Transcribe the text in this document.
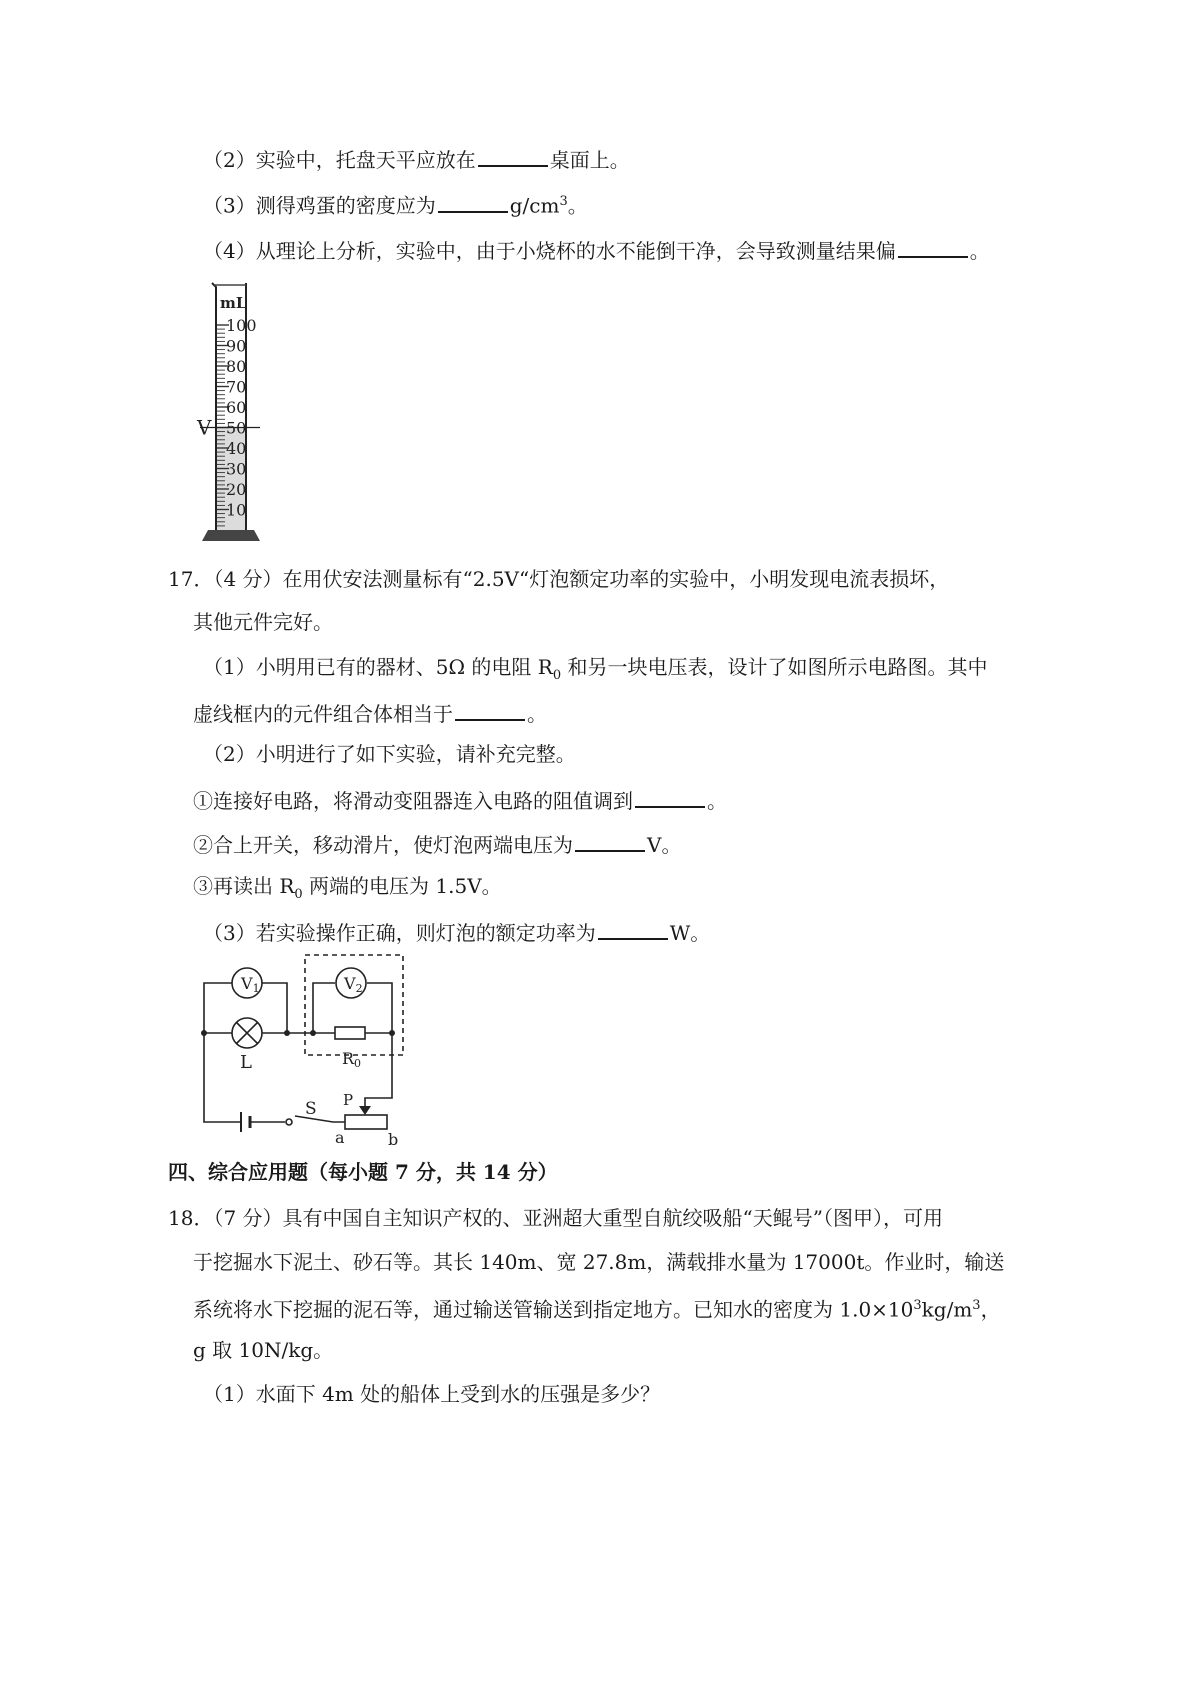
（2）实验中，托盘天平应放在	桌面上。
（3）测得鸡蛋的密度应为	$g/cm^3$。
（4）从理论上分析，实验中，由于小烧杯的水不能倒干净，会导致测量结果偏	。
mL
100
90
80
70
60
50
40
30
20
10
V
17．（4 分）在用伏安法测量标有“2.5V“灯泡额定功率的实验中，小明发现电流表损坏，
其他元件完好。
（1）小明用已有的器材、5Ω 的电阻 $R_0$ 和另一块电压表，设计了如图所示电路图。其中
虚线框内的元件组合体相当于	。
（2）小明进行了如下实验，请补充完整。
①连接好电路，将滑动变阻器连入电路的阻值调到	。
②合上开关，移动滑片，使灯泡两端电压为	V。
③再读出 $R_0$ 两端的电压为 1.5V。
（3）若实验操作正确，则灯泡的额定功率为	W。
V1	V2
L	R0
S P
a	b
四、综合应用题（每小题 7 分，共 14 分）
18．（7 分）具有中国自主知识产权的、亚洲超大重型自航绞吸船“天鲲号”（图甲），可用
于挖掘水下泥土、砂石等。其长 140m、宽 27.8m，满载排水量为 17000t。作业时，输送
系统将水下挖掘的泥石等，通过输送管输送到指定地方。已知水的密度为 $1.0\times 10^3kg/m^3$，
g 取 10N/kg。
（1）水面下 4m 处的船体上受到水的压强是多少？
